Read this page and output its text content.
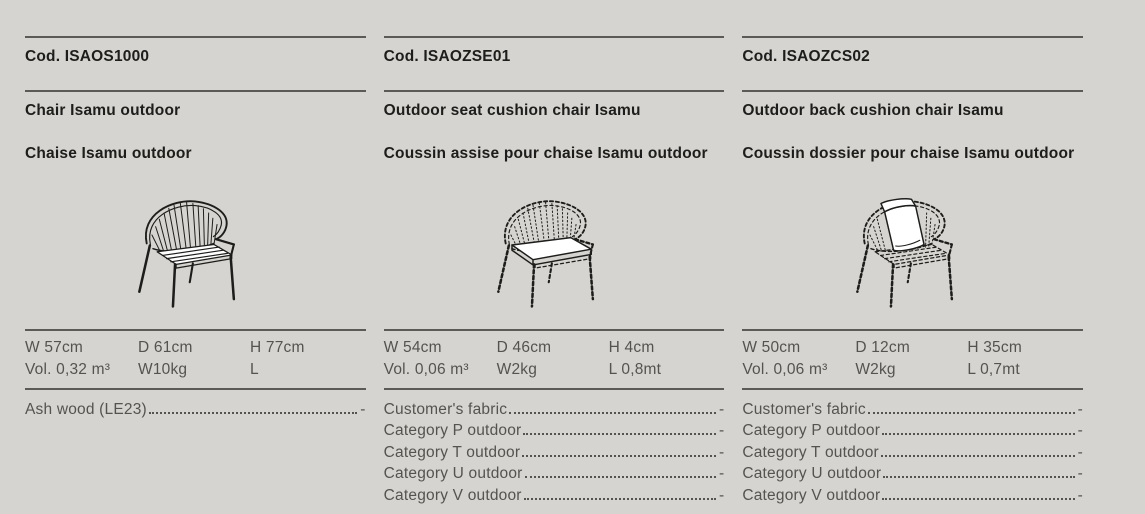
Cod. ISAOS1000
Chair Isamu outdoor
Chaise Isamu outdoor
W 57cm	D 61cm	H 77cm
Vol. 0,32 m³	W10kg	L
Ash wood (LE23)	-
Cod. ISAOZSE01
Outdoor seat cushion chair Isamu
Coussin assise pour chaise Isamu outdoor
W 54cm	D 46cm	H 4cm
Vol. 0,06 m³	W2kg	L 0,8mt
Customer's fabric	-
Category P outdoor	-
Category T outdoor	-
Category U outdoor	-
Category V outdoor	-
Cod. ISAOZCS02
Outdoor back cushion chair Isamu
Coussin dossier pour chaise Isamu outdoor
W 50cm	D 12cm	H 35cm
Vol. 0,06 m³	W2kg	L 0,7mt
Customer's fabric	-
Category P outdoor	-
Category T outdoor	-
Category U outdoor	-
Category V outdoor	-
